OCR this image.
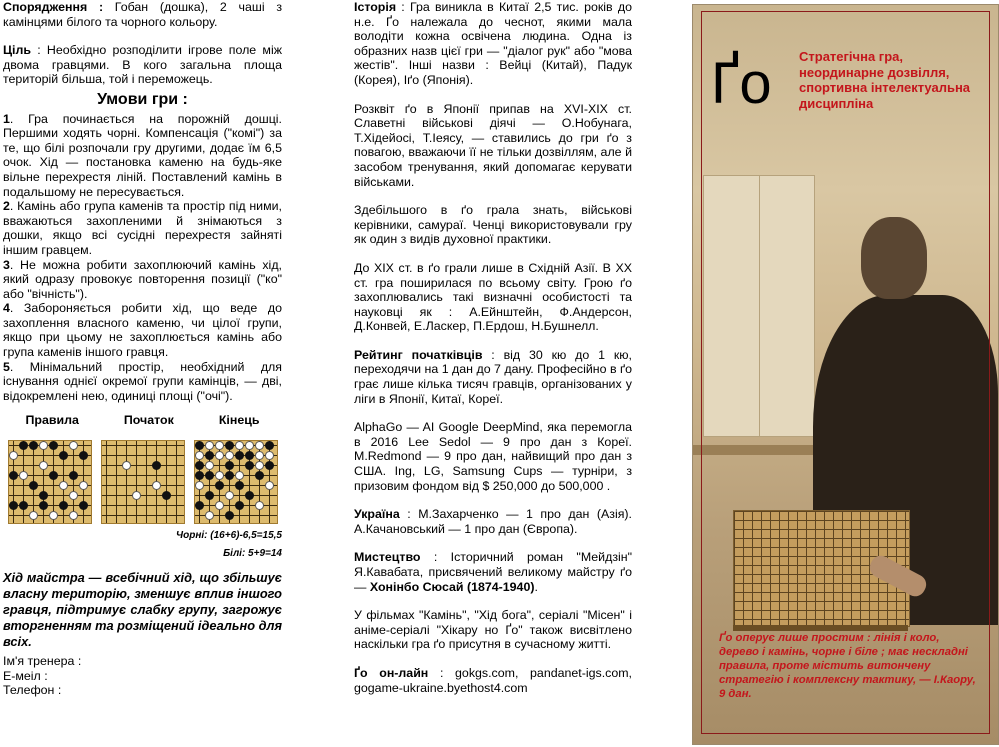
Спорядження : Гобан (дошка), 2 чаші з камінцями білого та чорного кольору.

Ціль : Необхідно розподілити ігрове поле між двома гравцями. В кого загальна площа територій більша, той і переможець.

Умови гри :

1. Гра починається на порожній дошці. Першими ходять чорні. Компенсація ("комі") за те, що білі розпочали гру другими, додає їм 6,5 очок. Хід — постановка каменю на будь-яке вільне перехрестя ліній. Поставлений камінь в подальшому не пересувається.

2. Камінь або група каменів та простір під ними, вважаються захопленими й знімаються з дошки, якщо всі сусідні перехрестя зайняті іншим гравцем.

3. Не можна робити захоплюючий камінь хід, який одразу провокує повторення позиції ("ко" або "вічність").

4. Забороняється робити хід, що веде до захоплення власного каменю, чи цілої групи, якщо при цьому не захоплюється камінь або група каменів іншого гравця.

5. Мінімальний простір, необхідний для існування однієї окремої групи камінців, — дві, відокремлені нею, одиниці площі ("очі").

Правила	Початок	Кінець
Чорні: (16+6)-6,5=15,5
Білі: 5+9=14
Хід майстра — всебічний хід, що збільшує власну територію, зменшує вплив іншого гравця, підтримує слабку групу, загрожує вторгненням та розміщений ідеально для всіх.
Ім'я тренера :
Е-меіл :
Телефон :

Історія : Гра виникла в Китаї 2,5 тис. років до н.е. Ґо належала до чеснот, якими мала володіти кожна освічена людина. Одна із образних назв цієї гри — "діалог рук" або "мова жестів". Інші назви : Вейці (Китай), Падук (Корея), Іґо (Японія).

Розквіт ґо в Японії припав на XVI-XIX ст. Славетні військові діячі — О.Нобунага, Т.Хідейосі, Т.Іеясу, — ставились до гри ґо з повагою, вважаючи її не тільки дозвіллям, але й засобом тренування, який допомагає керувати військами.

Здебільшого в ґо грала знать, військові керівники, самураї. Ченці використовували гру як один з видів духовної практики.

До XIX ст. в ґо грали лише в Східній Азії. В XX ст. гра поширилася по всьому світу. Грою ґо захоплювались такі визначні особистості та науковці як : А.Ейнштейн, Ф.Андерсон, Д.Конвей, Е.Ласкер, П.Ердош, Н.Бушнелл.

Рейтинг початківців : від 30 кю до 1 кю, переходячи на 1 дан до 7 дану. Професійно в ґо грає лише кілька тисяч гравців, організованих у ліги в Японії, Китаї, Кореї.

AlphaGo — AI Google DeepMind, яка перемогла в 2016 Lee Sedol — 9 про дан з Кореї. M.Redmond — 9 про дан, найвищий про дан з США. Ing, LG, Samsung Cups — турніри, з призовим фондом від $ 250,000 до 500,000 .

Україна : М.Захарченко — 1 про дан (Азія). А.Качановський — 1 про дан (Європа).

Мистецтво : Історичний роман "Мейдзін" Я.Кавабата, присвячений великому майстру ґо — Хонінбо Сюсай (1874-1940).

У фільмах "Камінь", "Хід бога", серіалі "Місен" і аніме-серіалі "Хікару но Ґо" також висвітлено наскільки гра ґо присутня в сучасному житті.

Ґо он-лайн : gokgs.com, pandanet-igs.com, gogame-ukraine.byethost4.com

Ґо Стратегічна гра, неординарне дозвілля, спортивна інтелектуальна дисципліна
Ґо оперує лише простим : лінія і коло, дерево і камінь, чорне і біле ; має нескладні правила, проте містить витончену стратегію і комплексну тактику, — І.Каору, 9 дан.
